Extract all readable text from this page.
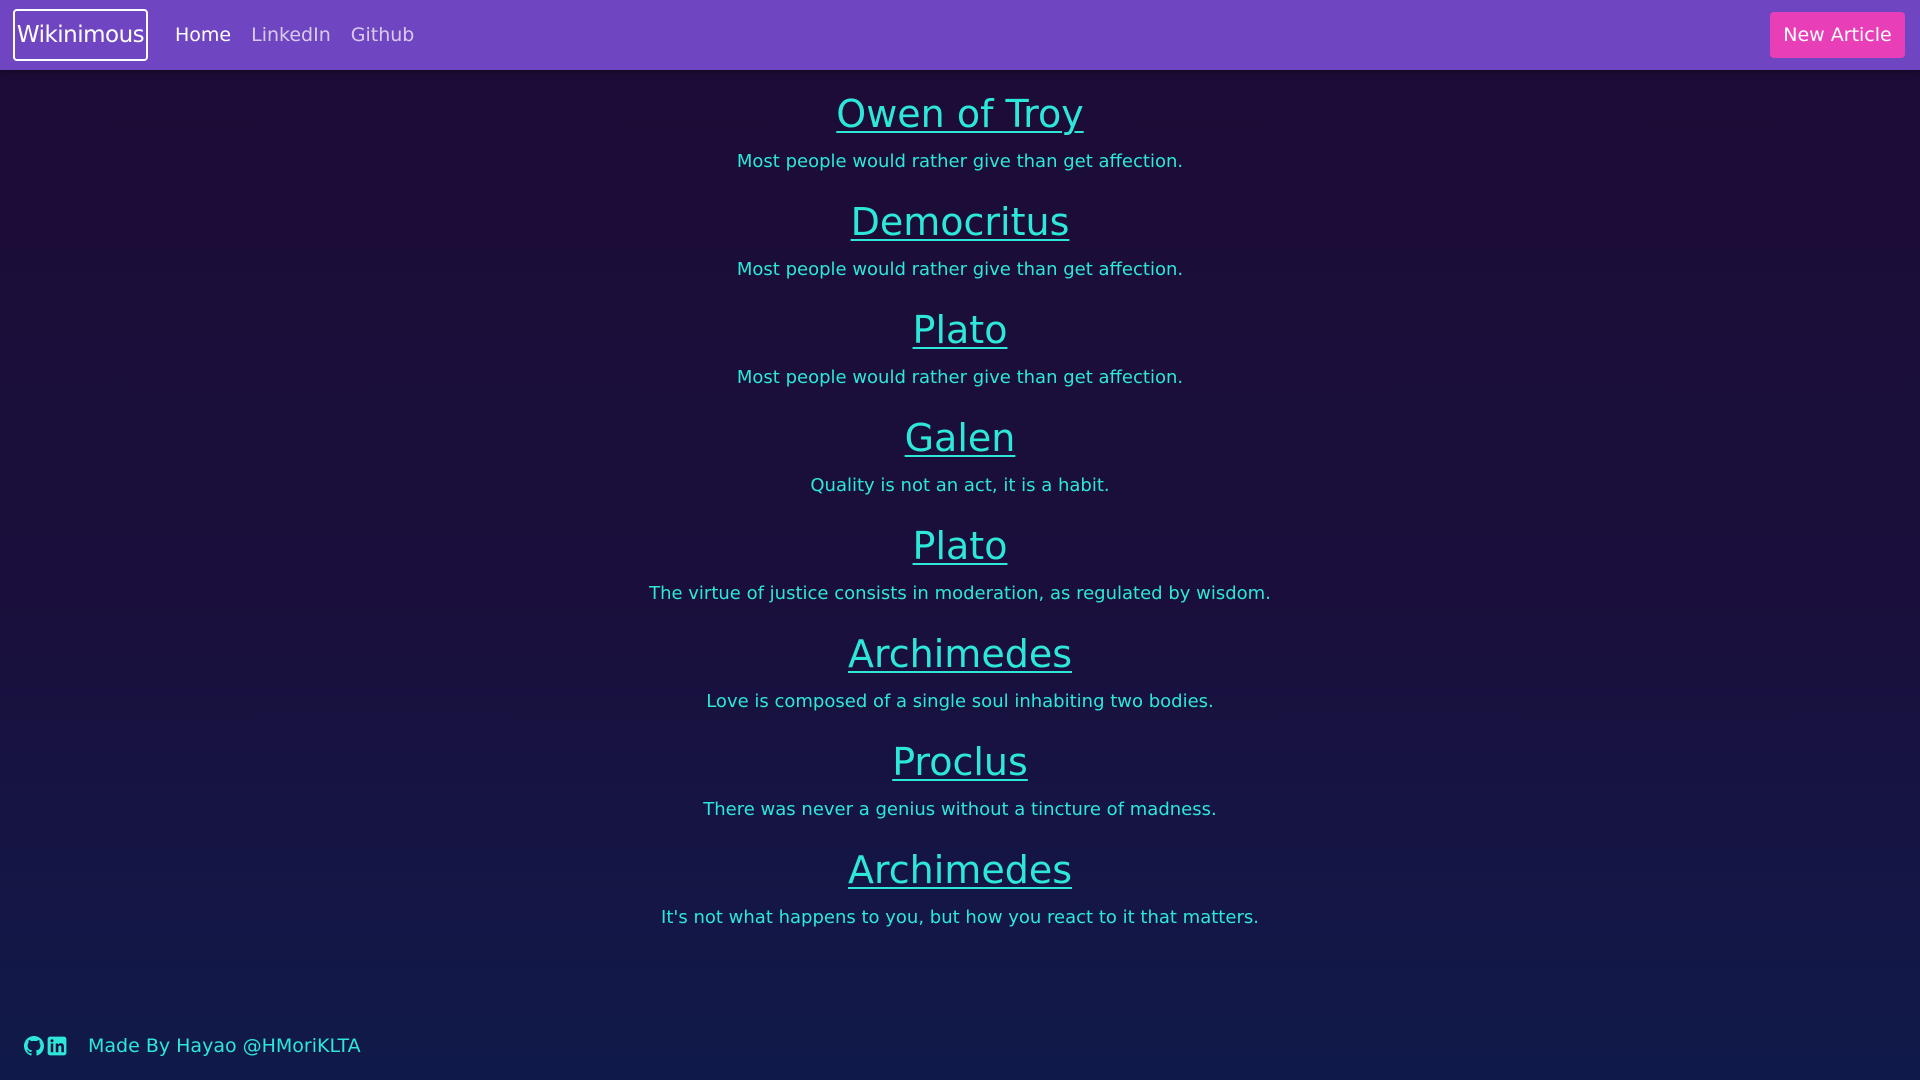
Wikinimous Home LinkedIn Github	New Article
Owen of Troy

Most people would rather give than get affection.

Democritus

Most people would rather give than get affection.

Plato

Most people would rather give than get affection.

Galen

Quality is not an act, it is a habit.

Plato

The virtue of justice consists in moderation, as regulated by wisdom.

Archimedes

Love is composed of a single soul inhabiting two bodies.

Proclus

There was never a genius without a tincture of madness.

Archimedes

It's not what happens to you, but how you react to it that matters.

Made By Hayao @HMoriKLTA
